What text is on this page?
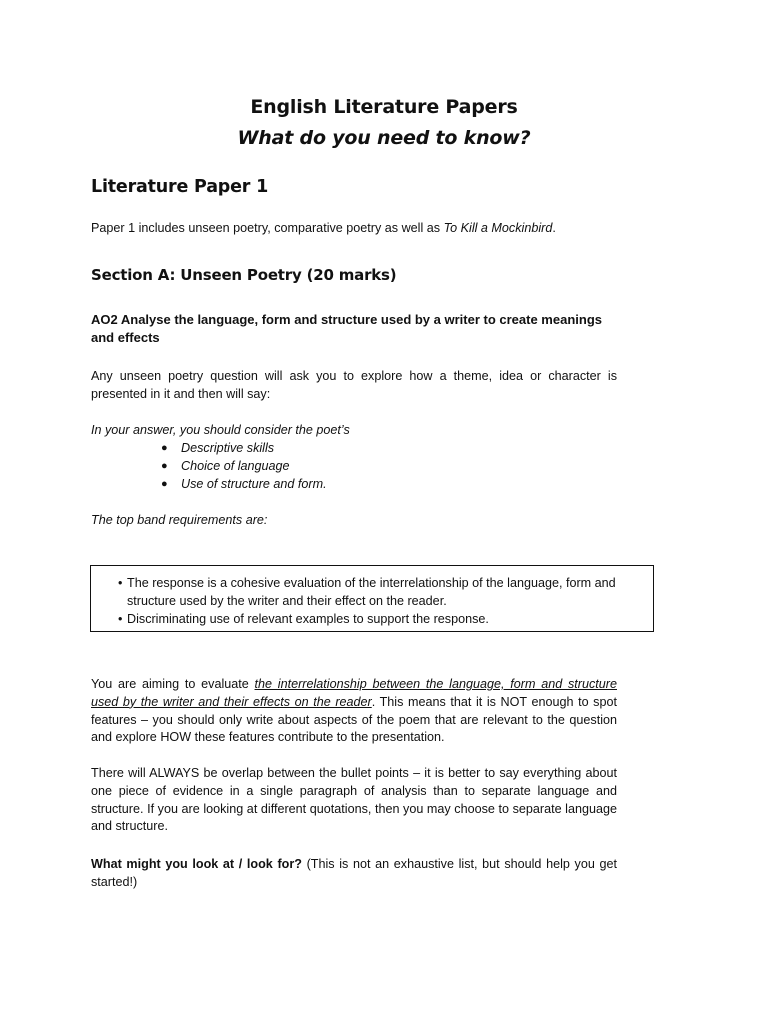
English Literature Papers
What do you need to know?
Literature Paper 1
Paper 1 includes unseen poetry, comparative poetry as well as To Kill a Mockinbird.
Section A: Unseen Poetry (20 marks)
AO2 Analyse the language, form and structure used by a writer to create meanings and effects
Any unseen poetry question will ask you to explore how a theme, idea or character is presented in it and then will say:
In your answer, you should consider the poet’s
● Descriptive skills
● Choice of language
● Use of structure and form.
The top band requirements are:
• The response is a cohesive evaluation of the interrelationship of the language, form and structure used by the writer and their effect on the reader.
• Discriminating use of relevant examples to support the response.
You are aiming to evaluate the interrelationship between the language, form and structure used by the writer and their effects on the reader. This means that it is NOT enough to spot features – you should only write about aspects of the poem that are relevant to the question and explore HOW these features contribute to the presentation.
There will ALWAYS be overlap between the bullet points – it is better to say everything about one piece of evidence in a single paragraph of analysis than to separate language and structure. If you are looking at different quotations, then you may choose to separate language and structure.
What might you look at / look for? (This is not an exhaustive list, but should help you get started!)
